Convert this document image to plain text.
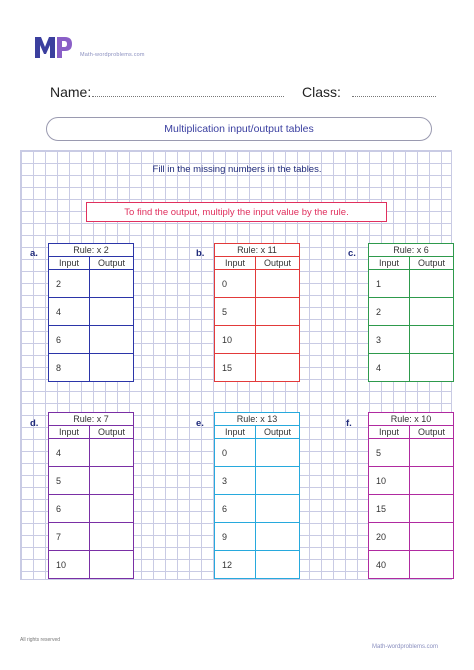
Math-wordproblems.com
Name:	Class:
Multiplication input/output tables
Fill in the missing numbers in the tables.
To find the output, multiply the input value by the rule.
a.	Rule: x 2	
Input	Output
2	
4	
6	
8	
b.	Rule: x 11	
Input	Output
0	
5	
10	
15	
c.	Rule: x 6	
Input	Output
1	
2	
3	
4	
d.	Rule: x 7	
Input	Output
4	
5	
6	
7	
10	
e.	Rule: x 13	
Input	Output
0	
3	
6	
9	
12	
f.	Rule: x 10	
Input	Output
5	
10	
15	
20	
40	
All rights reserved
Math-wordproblems.com
